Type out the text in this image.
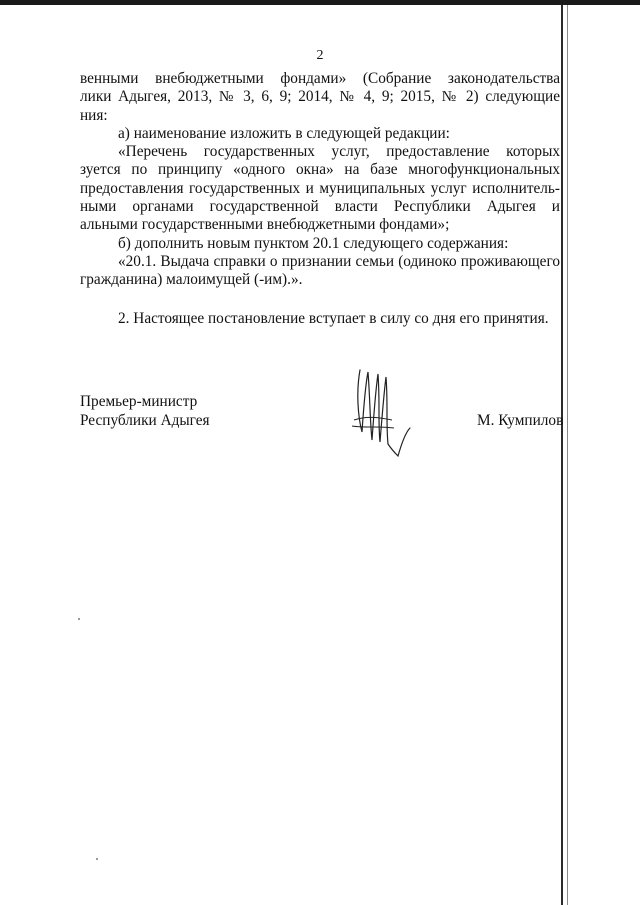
2
венными внебюджетными фондами» (Собрание законодательства
лики Адыгея, 2013, № 3, 6, 9; 2014, № 4, 9; 2015, № 2) следующие
ния:
а) наименование изложить в следующей редакции:
«Перечень государственных услуг, предоставление которых
зуется по принципу «одного окна» на базе многофункциональных
предоставления государственных и муниципальных услуг исполнитель-
ными органами государственной власти Республики Адыгея и
альными государственными внебюджетными фондами»;
б) дополнить новым пунктом 20.1 следующего содержания:
«20.1. Выдача справки о признании семьи (одиноко проживающего
гражданина) малоимущей (-им).».
2. Настоящее постановление вступает в силу со дня его принятия.
Премьер-министр
Республики Адыгея	М. Кумпилов
